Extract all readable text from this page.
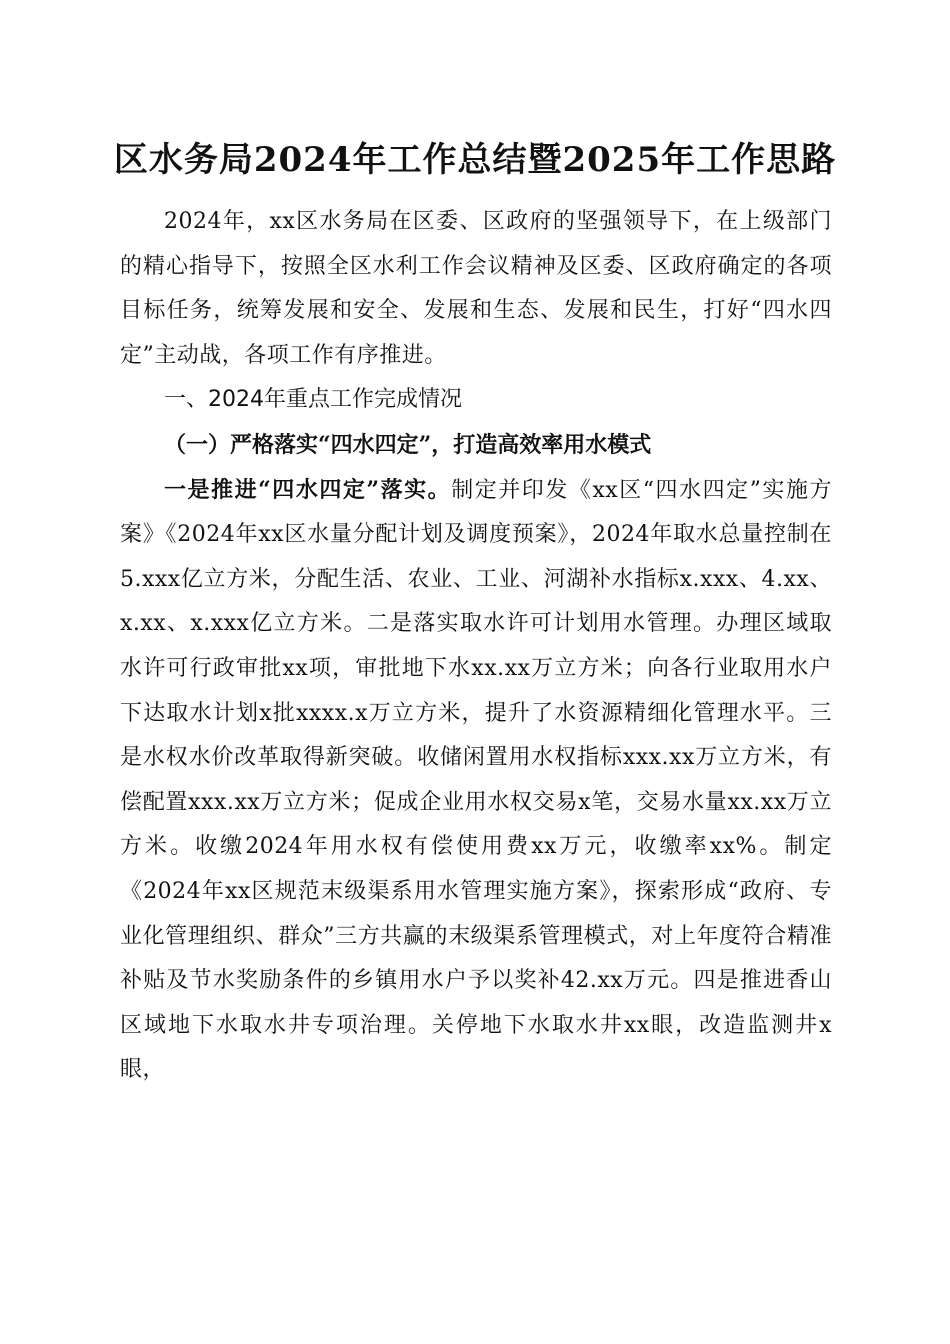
区水务局2024年工作总结暨2025年工作思路

2024年，xx区水务局在区委、区政府的坚强领导下，在上级部门的精心指导下，按照全区水利工作会议精神及区委、区政府确定的各项目标任务，统筹发展和安全、发展和生态、发展和民生，打好“四水四定”主动战，各项工作有序推进。

一、2024年重点工作完成情况

（一）严格落实“四水四定”，打造高效率用水模式

一是推进“四水四定”落实。制定并印发《xx区“四水四定”实施方案》《2024年xx区水量分配计划及调度预案》，2024年取水总量控制在5.xxx亿立方米，分配生活、农业、工业、河湖补水指标x.xxx、4.xx、x.xx、x.xxx亿立方米。二是落实取水许可计划用水管理。办理区域取水许可行政审批xx项，审批地下水xx.xx万立方米；向各行业取用水户下达取水计划x批xxxx.x万立方米，提升了水资源精细化管理水平。三是水权水价改革取得新突破。收储闲置用水权指标xxx.xx万立方米，有偿配置xxx.xx万立方米；促成企业用水权交易x笔，交易水量xx.xx万立方米。收缴2024年用水权有偿使用费xx万元，收缴率xx%。制定《2024年xx区规范末级渠系用水管理实施方案》，探索形成“政府、专业化管理组织、群众”三方共赢的末级渠系管理模式，对上年度符合精准补贴及节水奖励条件的乡镇用水户予以奖补42.xx万元。四是推进香山区域地下水取水井专项治理。关停地下水取水井xx眼，改造监测井x眼，
